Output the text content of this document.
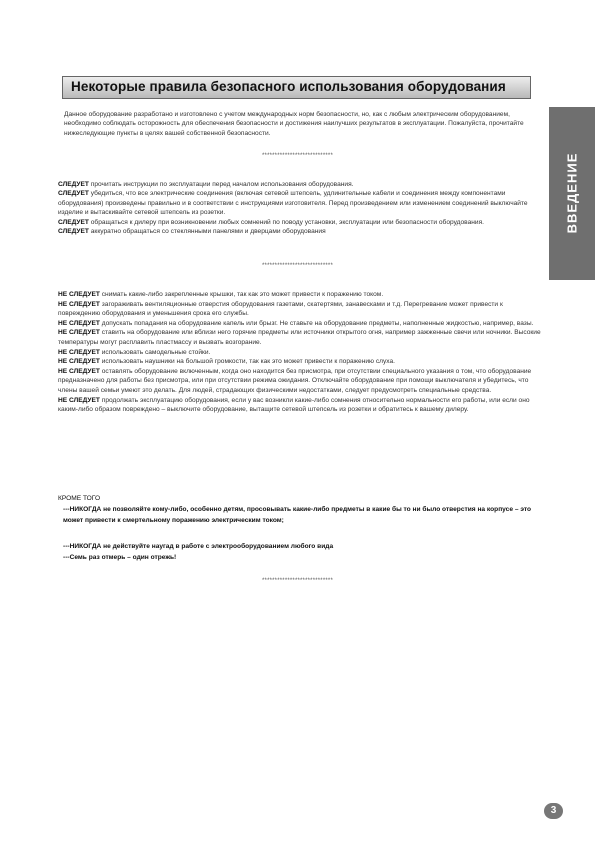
Некоторые правила безопасного использования оборудования
ВВЕДЕНИЕ

Данное оборудование разработано и изготовлено с учетом международных норм безопасности, но, как с любым электрическим оборудованием, необходимо соблюдать осторожность для обеспечения безопасности и достижения наилучших результатов в эксплуатации. Пожалуйста, прочитайте нижеследующие пункты в целях вашей собственной безопасности.

****************************

СЛЕДУЕТ прочитать инструкции по эксплуатации перед началом использования оборудования.

СЛЕДУЕТ убедиться, что все электрические соединения (включая сетевой штепсель, удлинительные кабели и соединения между компонентами оборудования) произведены правильно и в соответствии с инструкциями изготовителя. Перед произведением или изменением соединений выключайте изделие и вытаскивайте сетевой штепсель из розетки.

СЛЕДУЕТ обращаться к дилеру при возникновении любых сомнений по поводу установки, эксплуатации или безопасности оборудования.

СЛЕДУЕТ аккуратно обращаться со стеклянными панелями и дверцами оборудования

****************************

НЕ СЛЕДУЕТ снимать какие-либо закрепленные крышки, так как это может привести к поражению током.

НЕ СЛЕДУЕТ загораживать вентиляционные отверстия оборудования газетами, скатертями, занавесками и т.д. Перегревание может привести к повреждению оборудования и уменьшения срока его службы.

НЕ СЛЕДУЕТ допускать попадания на оборудование капель или брызг. Не ставьте на оборудование предметы, наполненные жидкостью, например, вазы.

НЕ СЛЕДУЕТ ставить на оборудование или вблизи него горячие предметы или источники открытого огня, например зажженные свечи или ночники. Высокие температуры могут расплавить пластмассу и вызвать возгорание.

НЕ СЛЕДУЕТ использовать самодельные стойки.

НЕ СЛЕДУЕТ использовать наушники на большой громкости, так как это может привести к поражению слуха.

НЕ СЛЕДУЕТ оставлять оборудование включенным, когда оно находится без присмотра, при отсутствии специального указания о том, что оборудование предназначено для работы без присмотра, или при отсутствии режима ожидания. Отключайте оборудование при помощи выключателя и убедитесь, что члены вашей семьи умеют это делать. Для людей, страдающих физическими недостатками, следует предусмотреть специальные средства.

НЕ СЛЕДУЕТ продолжать эксплуатацию оборудования, если у вас возникли какие-либо сомнения относительно нормальности его работы, или если оно каким-либо образом повреждено – выключите оборудование, вытащите сетевой штепсель из розетки и обратитесь к вашему дилеру.

КРОМЕ ТОГО
---НИКОГДА не позволяйте кому-либо, особенно детям, просовывать какие-либо предметы в какие бы то ни было отверстия на корпусе – это может привести к смертельному поражению электрическим током;
---НИКОГДА не действуйте наугад в работе с электрооборудованием любого вида
---Семь раз отмерь – один отрежь!
****************************
3
